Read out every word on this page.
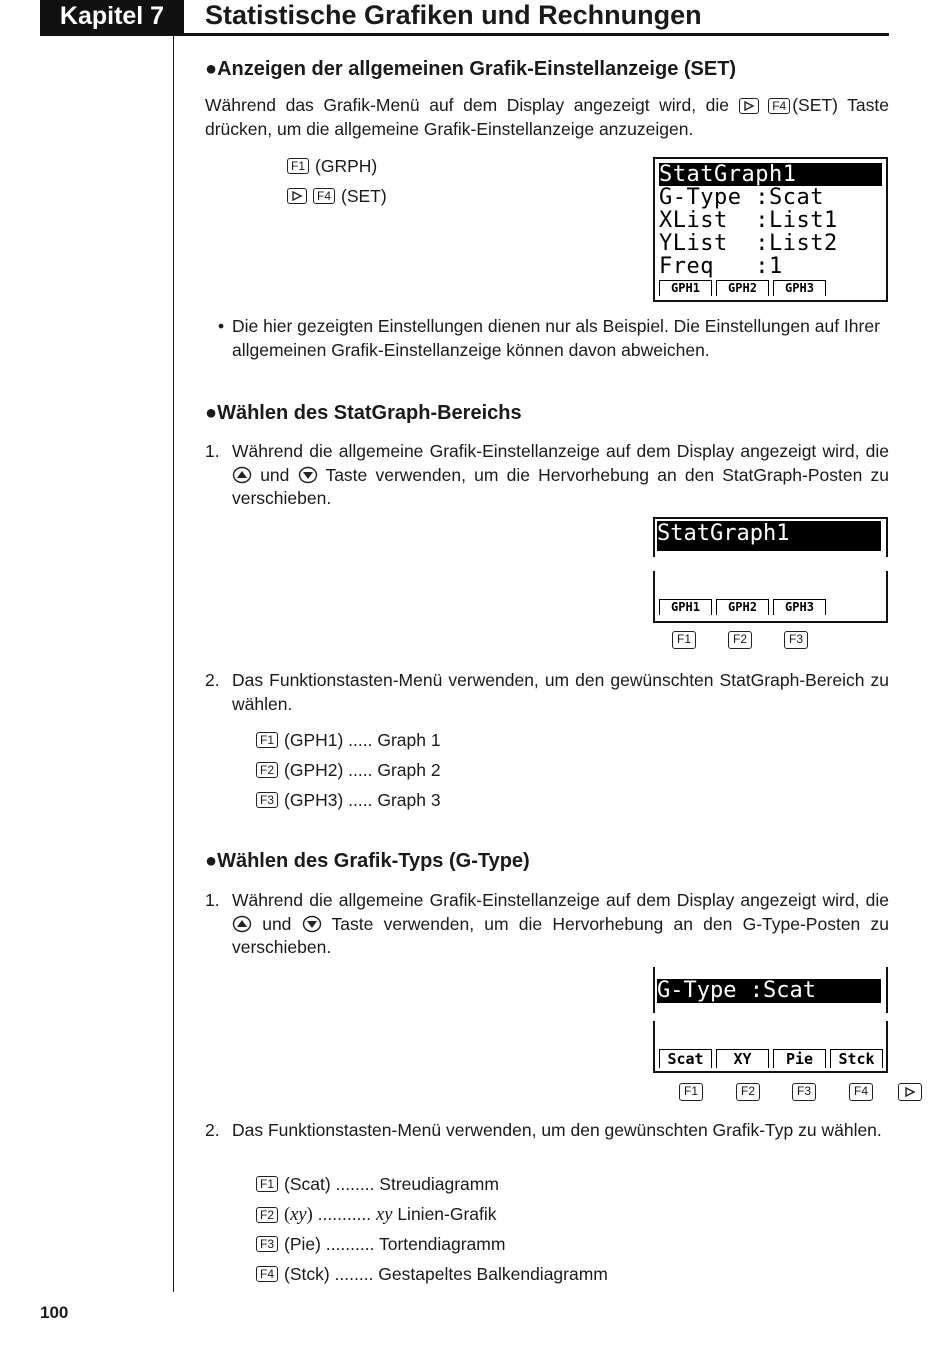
Kapitel 7	Statistische Grafiken und Rechnungen
●Anzeigen der allgemeinen Grafik-Einstellanzeige (SET)
Während das Grafik-Menü auf dem Display angezeigt wird, die	F4 (SET) Taste drücken, um die allgemeine Grafik-Einstellanzeige anzuzeigen.
F1 (GRPH)
F4 (SET)
StatGraph1
G-Type :Scat
XList  :List1
YList  :List2
Freq   :1
GPH1	GPH2	GPH3
• Die hier gezeigten Einstellungen dienen nur als Beispiel. Die Einstellungen auf Ihrer allgemeinen Grafik-Einstellanzeige können davon abweichen.
●Wählen des StatGraph-Bereichs
1. Während die allgemeine Grafik-Einstellanzeige auf dem Display angezeigt wird, die  und Taste verwenden, um die Hervorhebung an den StatGraph-Posten zu verschieben.
StatGraph1
GPH1	GPH2	GPH3
F1	F2	F3
2. Das Funktionstasten-Menü verwenden, um den gewünschten StatGraph-Bereich zu wählen.
F1 (GPH1) ..... Graph 1
F2 (GPH2) ..... Graph 2
F3 (GPH3) ..... Graph 3
●Wählen des Grafik-Typs (G-Type)
1. Während die allgemeine Grafik-Einstellanzeige auf dem Display angezeigt wird, die  und Taste verwenden, um die Hervorhebung an den G-Type-Posten zu verschieben.
G-Type :Scat
Scat	XY	Pie	Stck
F1	F2	F3	F4
2. Das Funktionstasten-Menü verwenden, um den gewünschten Grafik-Typ zu wählen.
F1 (Scat) ........ Streudiagramm
F2 (xy) ........... xy Linien-Grafik
F3 (Pie) .......... Tortendiagramm
F4 (Stck) ........ Gestapeltes Balkendiagramm
100
